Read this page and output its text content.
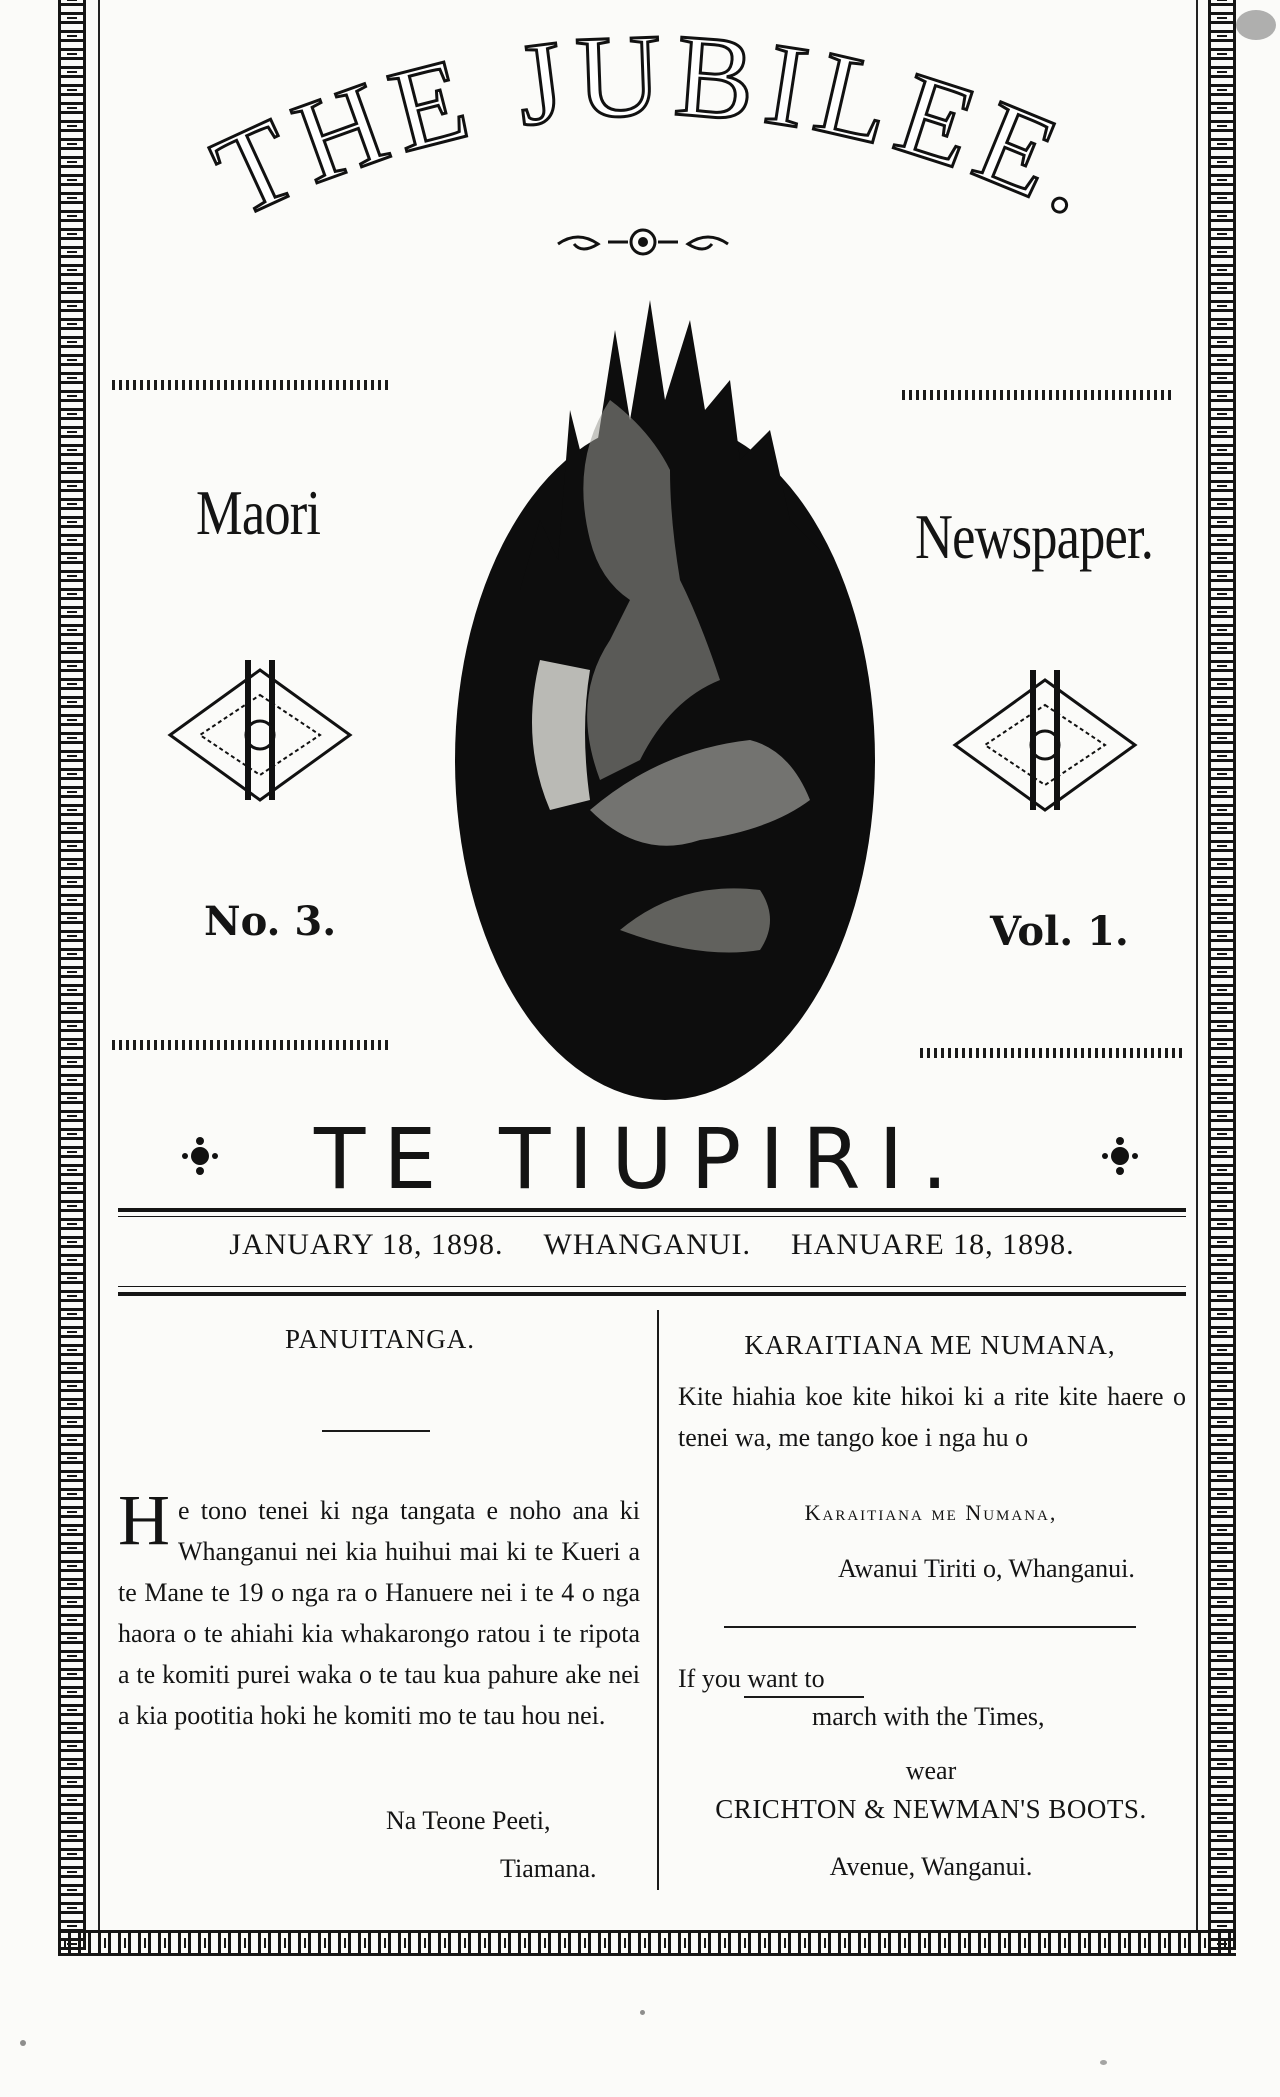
THE JUBILEE.
Maori	Newspaper.
No. 3.	Vol. 1.
TE TIUPIRI.
JANUARY 18, 1898. WHANGANUI. HANUARE 18, 1898.
PANUITANGA.
He tono tenei ki nga tangata e noho ana ki Whanganui nei kia huihui mai ki te Kueri a te Mane te 19 o nga ra o Hanuere nei i te 4 o nga haora o te ahiahi kia whakarongo ratou i te ripota a te komiti purei waka o te tau kua pahure ake nei a kia pootitia hoki he komiti mo te tau hou nei.
Na Teone Peeti,
Tiamana.
KARAITIANA ME NUMANA,
Kite hiahia koe kite hikoi ki a rite kite haere o tenei wa, me tango koe i nga hu o
Karaitiana me Numana,
Awanui Tiriti o, Whanganui.
If you want to
march with the Times,
wear
CRICHTON & NEWMAN'S BOOTS.
Avenue, Wanganui.
